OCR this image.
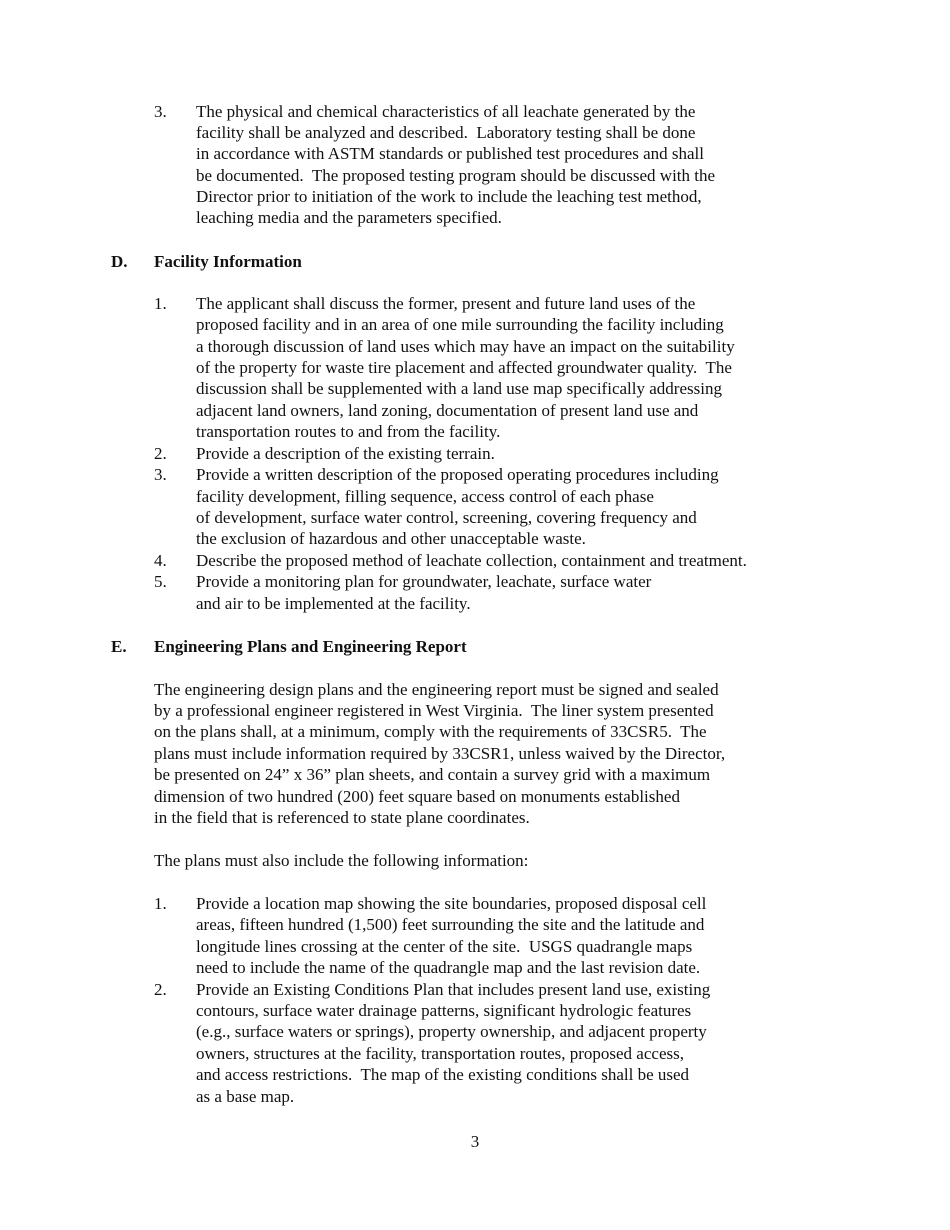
3. The physical and chemical characteristics of all leachate generated by the
facility shall be analyzed and described.  Laboratory testing shall be done
in accordance with ASTM standards or published test procedures and shall
be documented.  The proposed testing program should be discussed with the
Director prior to initiation of the work to include the leaching test method,
leaching media and the parameters specified.
D. Facility Information
1. The applicant shall discuss the former, present and future land uses of the
proposed facility and in an area of one mile surrounding the facility including
a thorough discussion of land uses which may have an impact on the suitability
of the property for waste tire placement and affected groundwater quality.  The
discussion shall be supplemented with a land use map specifically addressing
adjacent land owners, land zoning, documentation of present land use and
transportation routes to and from the facility.
2. Provide a description of the existing terrain.
3. Provide a written description of the proposed operating procedures including
facility development, filling sequence, access control of each phase
of development, surface water control, screening, covering frequency and
the exclusion of hazardous and other unacceptable waste.
4. Describe the proposed method of leachate collection, containment and treatment.
5. Provide a monitoring plan for groundwater, leachate, surface water
and air to be implemented at the facility.
E. Engineering Plans and Engineering Report
The engineering design plans and the engineering report must be signed and sealed
by a professional engineer registered in West Virginia.  The liner system presented
on the plans shall, at a minimum, comply with the requirements of 33CSR5.  The
plans must include information required by 33CSR1, unless waived by the Director,
be presented on 24” x 36” plan sheets, and contain a survey grid with a maximum
dimension of two hundred (200) feet square based on monuments established
in the field that is referenced to state plane coordinates.
The plans must also include the following information:
1. Provide a location map showing the site boundaries, proposed disposal cell
areas, fifteen hundred (1,500) feet surrounding the site and the latitude and
longitude lines crossing at the center of the site.  USGS quadrangle maps
need to include the name of the quadrangle map and the last revision date.
2. Provide an Existing Conditions Plan that includes present land use, existing
contours, surface water drainage patterns, significant hydrologic features
(e.g., surface waters or springs), property ownership, and adjacent property
owners, structures at the facility, transportation routes, proposed access,
and access restrictions.  The map of the existing conditions shall be used
as a base map.
3
